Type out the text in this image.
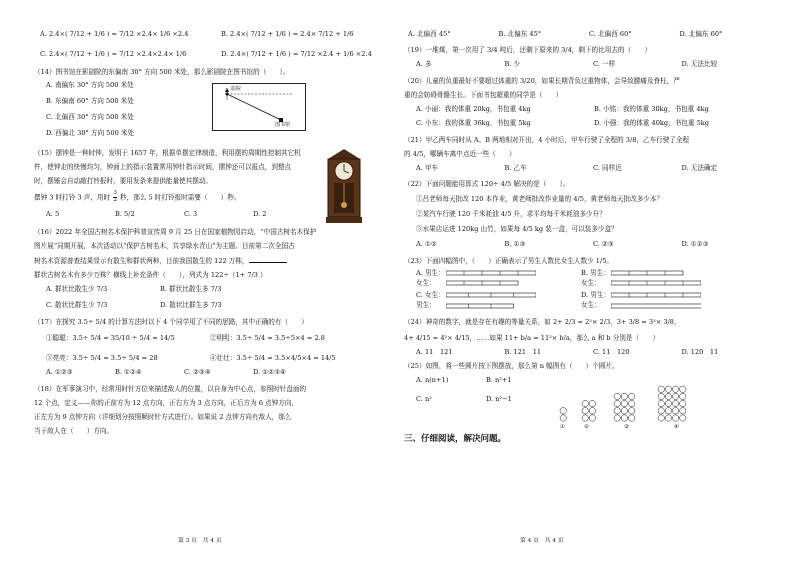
A. 2.4×( 7/12 + 1/6 ) = 7/12 ×2.4× 1/6 ×2.4	B. 2.4×( 7/12 + 1/6 ) = 2.4× 7/12 + 1/6
C. 2.4×( 7/12 + 1/6 ) = 7/12 ×2.4×2.4× 1/6	D. 2.4×( 7/12 + 1/6 ) = 7/12 ×2.4 + 1/6 ×2.4
（14）图书馆在影剧院的东偏南 30° 方向 500 米处，那么影剧院在图书馆的（　　）。
A. 南偏东 30° 方向 500 米处
B. 东偏南 60° 方向 500 米处
C. 北偏西 30° 方向 500 米处
D. 西偏北 30° 方向 500 米处
影院
图书馆
（15）摆钟是一种时钟，发明于 1657 年，根据单摆定律制造，利用摆的周期性控制其它机
件，使钟走的快慢均匀，钟面上的指示装置常用钟针指示时间，摆钟还可以报点，到整点
时，摆锤会自动敲打铃报时，要用发条来提供能量使其摆动。
摆钟 3 时打铃 3 声，用时 $\frac{3}{2}$ 秒，那么 5 时打铃报时需要（　　）秒。
A. 5	B. 5/2	C. 3	D. 2
（16）2022 年全国古树名木保护科普宣传周 9 月 25 日在国家植物园启动，“中国古树名木保护
图片展”同期开展，本次活动以“保护古树名木，共享绿水青山”为主题。目前第二次全国古
树名木资源普查结果显示有散生和群状两种，目前我国散生的 122 万株，
群状古树名木有多少万株？横线上补充条件（　　），列式为 122÷（1+ 7/3 ）
A. 群状比散生少 7/3	B. 群状比散生多 7/3
C. 散状比群生少 7/3	D. 散状比群生多 7/3
（17）在探究 3.5÷ 5/4 的计算方法时以下 4 个同学用了不同的思路，其中正确的有（　　）
①聪聪：3.5÷ 5/4 = 35/10 ÷ 5/4 = 14/5	②明明：3.5÷ 5/4 = 3.5÷5×4 = 2.8
③亮亮：3.5÷ 5/4 = 3.5÷ 5/4 = 28	④壮壮：3.5÷ 5/4 = 3.5×4/5×4 = 14/5
A. ①②③	B. ①②④	C. ②③④	D. ①②③④
（18）在军事演习中，经常用时针方位来描述敌人的位置，以自身为中心点，参照时针盘面的
12 个点，定义——你的正前方为 12 点方向，正右方为 3 点方向，正后方为 6 点钟方向，
正左方为 9 点钟方向（详细划分按照顺时针方式进行）。如果说 2 点钟方向有敌人，那么
当于敌人在（　　）方向。
第 3 页　共 4 页
A. 北偏西 45°	B. 北偏东 45°	C. 北偏西 60°	D. 北偏东 60°
（19）一堆煤，第一次用了 3/4 吨后，还剩下原来的 3/4，剩下的比用去的（　　）
A. 多	B. 少	C. 一样	D. 无法比较
（20）儿童的负重最好不要超过体重的 3/20，如果长期背负过重物体，会导致腰痛及脊柱，严
重的会妨碍骨骼生长。下面书包超重的同学是（　　）
A. 小丽：我的体重 20kg，书包重 4kg	B. 小铭：我的体重 30kg，书包重 4kg
C. 小东：我的体重 36kg，书包重 5kg	D. 小强：我的体重 40kg，书包重 5kg
（21）甲乙两车同时从 A、B 两地相对开出，4 小时后，甲车行驶了全程的 3/8，乙车行驶了全程
的 4/5，哪辆车离中点近一些（　　）
A. 甲车	B. 乙车	C. 同样近	D. 无法确定
（22）下面问题能用算式 120÷ 4/5 解决的是（　　）。
①吕老师每天批改 120 本作业，黄老师批改作业量的 4/5，黄老师每天批改多少本？
②某汽车行驶 120 千米耗油 4/5 升，求平均每千米耗油多少升？
③水果店运进 120kg 山竹，如果每 4/5 kg 装一盒，可以装多少盒？
A. ①②	B. ①③	C. ②③	D. ①②③
（23）下面四幅图中，（　　）正确表示了男生人数比女生人数少 1/5。
A. 男生：
女生：
B. 男生：
女生：
C. 女生：
男生：
D. 男生：
女生：
（24）神奇的数字，就是存在有趣的等量关系，如 2+ 2/3 = 2²× 2/3，3+ 3/8 = 3²× 3/8，
4+ 4/15 = 4²× 4/15，……如果 11+ b/a = 11²× b/a，那么 a 和 b 分别是（　　）
A. 11　121	B. 121　11	C. 11　120	D. 120　11
（25）如图，将一些圆片按下图摆放，那么第 n 幅图有（　　）个圆片。
A. n(n+1)	B. n²+1
C. n²	D. n²−1
①	②	③	④
三、仔细阅读，解决问题。
第 4 页　共 4 页
